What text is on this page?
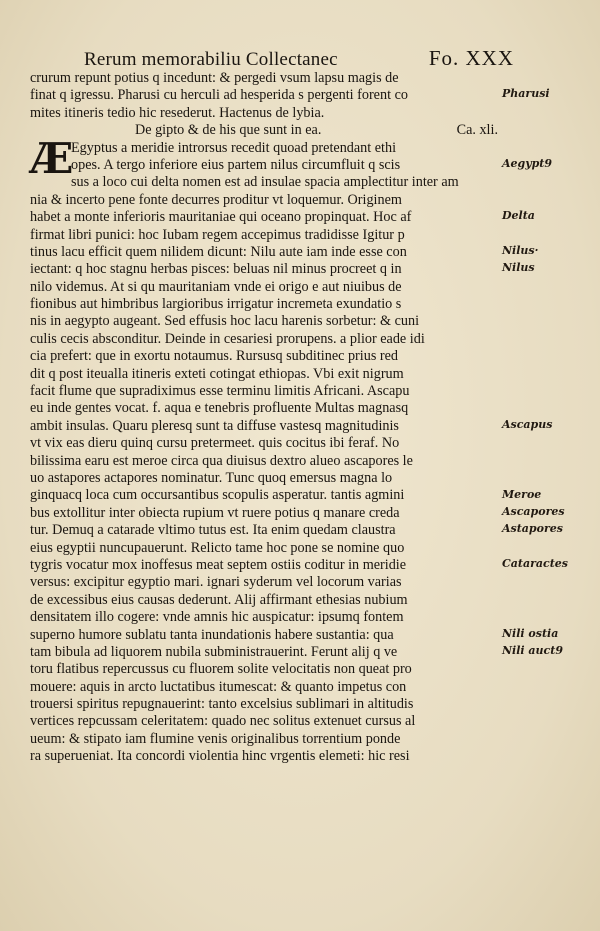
Rerum memorabiliu Collectanec	Fo. XXX
crurum repunt potius q incedunt: & pergedi vsum lapsu magis de
finat q igressu. Pharusi cu herculi ad hesperida s pergenti forent co
mites itineris tedio hic resederut. Hactenus de lybia.
De gipto & de his que sunt in ea.	Ca. xli.
Æ
Egyptus a meridie introrsus recedit quoad pretendant ethi
opes. A tergo inferiore eius partem nilus circumfluit q scis
sus a loco cui delta nomen est ad insulae spacia amplectitur inter am
nia & incerto pene fonte decurres proditur vt loquemur. Originem
habet a monte inferioris mauritaniae qui oceano propinquat. Hoc af
firmat libri punici: hoc Iubam regem accepimus tradidisse Igitur p
tinus lacu efficit quem nilidem dicunt: Nilu aute iam inde esse con
iectant: q hoc stagnu herbas pisces: beluas nil minus procreet q in
nilo videmus. At si qu mauritaniam vnde ei origo e aut niuibus de
fionibus aut himbribus largioribus irrigatur incremeta exundatio s
nis in aegypto augeant. Sed effusis hoc lacu harenis sorbetur: & cuni
culis cecis absconditur. Deinde in cesariesi prorupens. a plior eade idi
cia prefert: que in exortu notaumus. Rursusq subditinec prius red
dit q post iteualla itineris exteti cotingat ethiopas. Vbi exit nigrum
facit flume que supradiximus esse terminu limitis Africani. Ascapu
eu inde gentes vocat. f. aqua e tenebris profluente Multas magnasq
ambit insulas. Quaru pleresq sunt ta diffuse vastesq magnitudinis
vt vix eas dieru quinq cursu pretermeet. quis cocitus ibi feraf. No
bilissima earu est meroe circa qua diuisus dextro alueo ascapores le
uo astapores actapores nominatur. Tunc quoq emersus magna lo
ginquacq loca cum occursantibus scopulis asperatur. tantis agmini
bus extollitur inter obiecta rupium vt ruere potius q manare creda
tur. Demuq a catarade vltimo tutus est. Ita enim quedam claustra
eius egyptii nuncupauerunt. Relicto tame hoc pone se nomine quo
tygris vocatur mox inoffesus meat septem ostiis coditur in meridie
versus: excipitur egyptio mari. ignari syderum vel locorum varias
de excessibus eius causas dederunt. Alij affirmant ethesias nubium
densitatem illo cogere: vnde amnis hic auspicatur: ipsumq fontem
superno humore sublatu tanta inundationis habere sustantia: qua
tam bibula ad liquorem nubila subministrauerint. Ferunt alij q ve
toru flatibus repercussus cu fluorem solite velocitatis non queat pro
mouere: aquis in arcto luctatibus itumescat: & quanto impetus con
trouersi spiritus repugnauerint: tanto excelsius sublimari in altitudis
vertices repcussam celeritatem: quado nec solitus extenuet cursus al
ueum: & stipato iam flumine venis originalibus torrentium ponde
ra superueniat. Ita concordi violentia hinc vrgentis elemeti: hic resi
Pharusi
Aegypt9
Delta
Nilus·
Nilus
Ascapus
Meroe
Ascapores
Astapores
Cataractes
Nili ostia
Nili auct9
